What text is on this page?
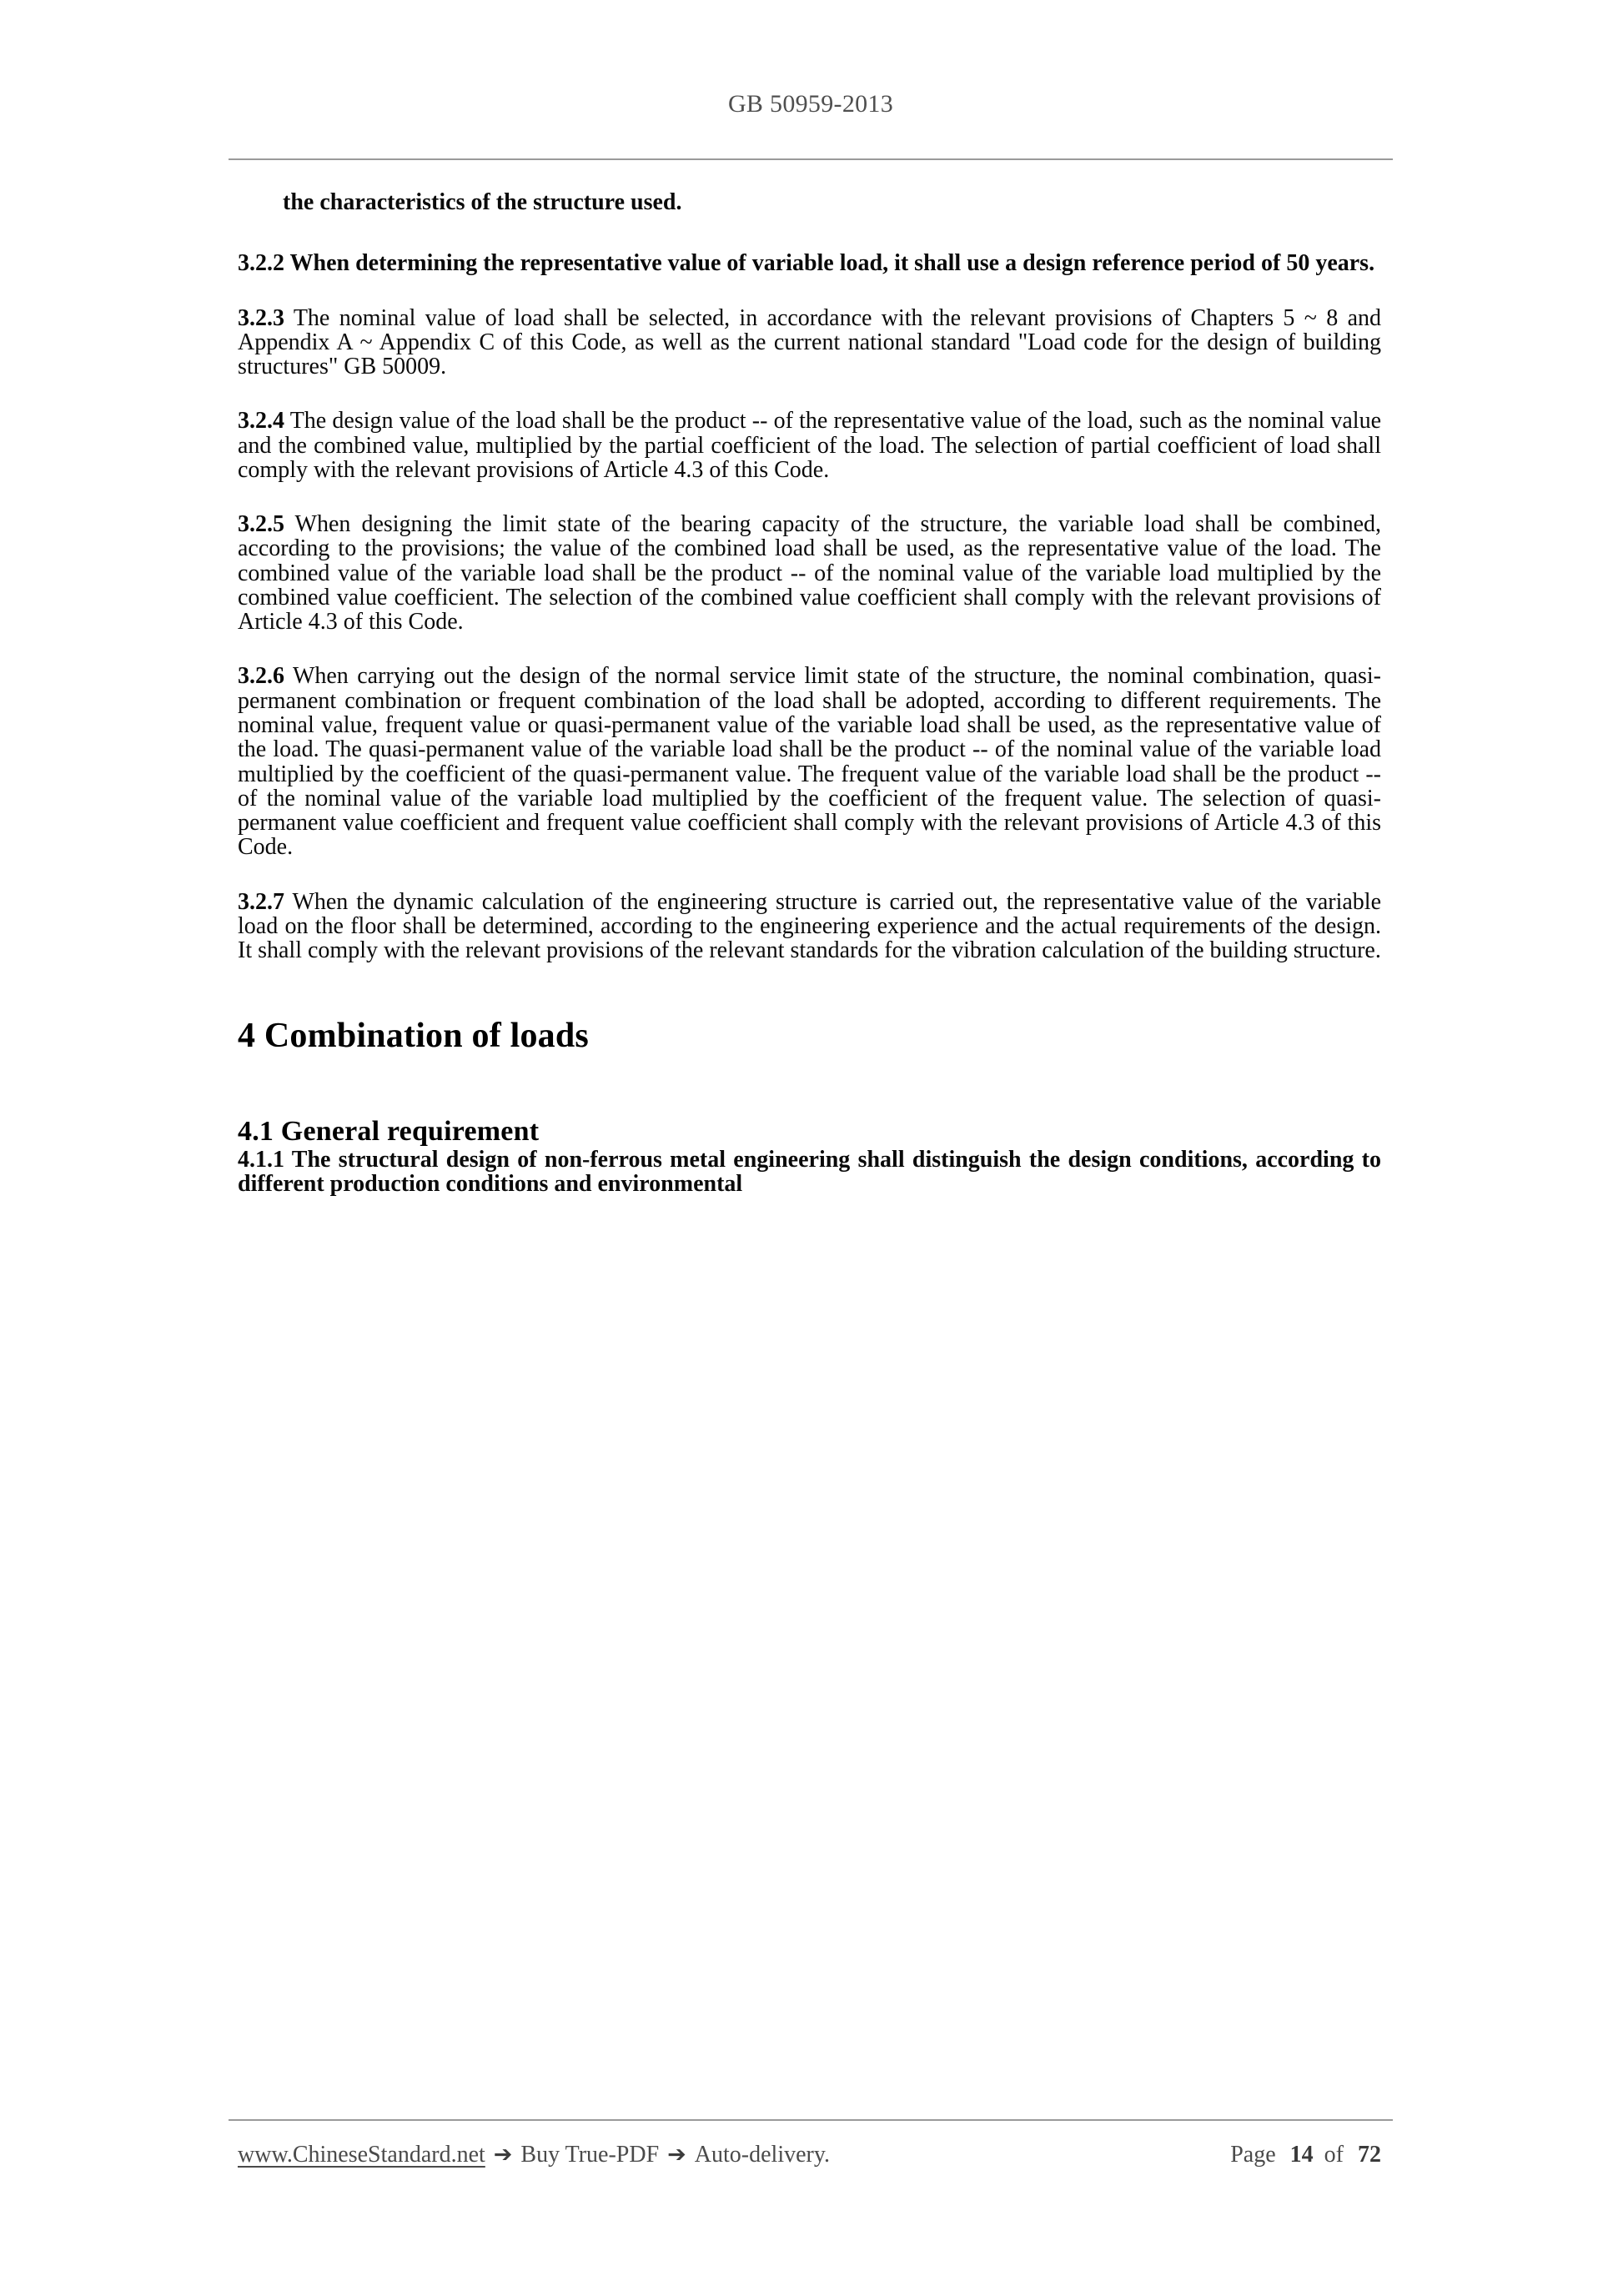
GB 50959-2013

the characteristics of the structure used.

3.2.2 When determining the representative value of variable load, it shall use a design reference period of 50 years.

3.2.3 The nominal value of load shall be selected, in accordance with the relevant provisions of Chapters 5 ~ 8 and Appendix A ~ Appendix C of this Code, as well as the current national standard "Load code for the design of building structures" GB 50009.

3.2.4 The design value of the load shall be the product -- of the representative value of the load, such as the nominal value and the combined value, multiplied by the partial coefficient of the load. The selection of partial coefficient of load shall comply with the relevant provisions of Article 4.3 of this Code.

3.2.5 When designing the limit state of the bearing capacity of the structure, the variable load shall be combined, according to the provisions; the value of the combined load shall be used, as the representative value of the load. The combined value of the variable load shall be the product -- of the nominal value of the variable load multiplied by the combined value coefficient. The selection of the combined value coefficient shall comply with the relevant provisions of Article 4.3 of this Code.

3.2.6 When carrying out the design of the normal service limit state of the structure, the nominal combination, quasi-permanent combination or frequent combination of the load shall be adopted, according to different requirements. The nominal value, frequent value or quasi-permanent value of the variable load shall be used, as the representative value of the load. The quasi-permanent value of the variable load shall be the product -- of the nominal value of the variable load multiplied by the coefficient of the quasi-permanent value. The frequent value of the variable load shall be the product -- of the nominal value of the variable load multiplied by the coefficient of the frequent value. The selection of quasi-permanent value coefficient and frequent value coefficient shall comply with the relevant provisions of Article 4.3 of this Code.

3.2.7 When the dynamic calculation of the engineering structure is carried out, the representative value of the variable load on the floor shall be determined, according to the engineering experience and the actual requirements of the design. It shall comply with the relevant provisions of the relevant standards for the vibration calculation of the building structure.

4 Combination of loads
4.1 General requirement

4.1.1 The structural design of non-ferrous metal engineering shall distinguish the design conditions, according to different production conditions and environmental

www.ChineseStandard.net ➔ Buy True-PDF ➔ Auto-delivery.	Page 14 of 72
